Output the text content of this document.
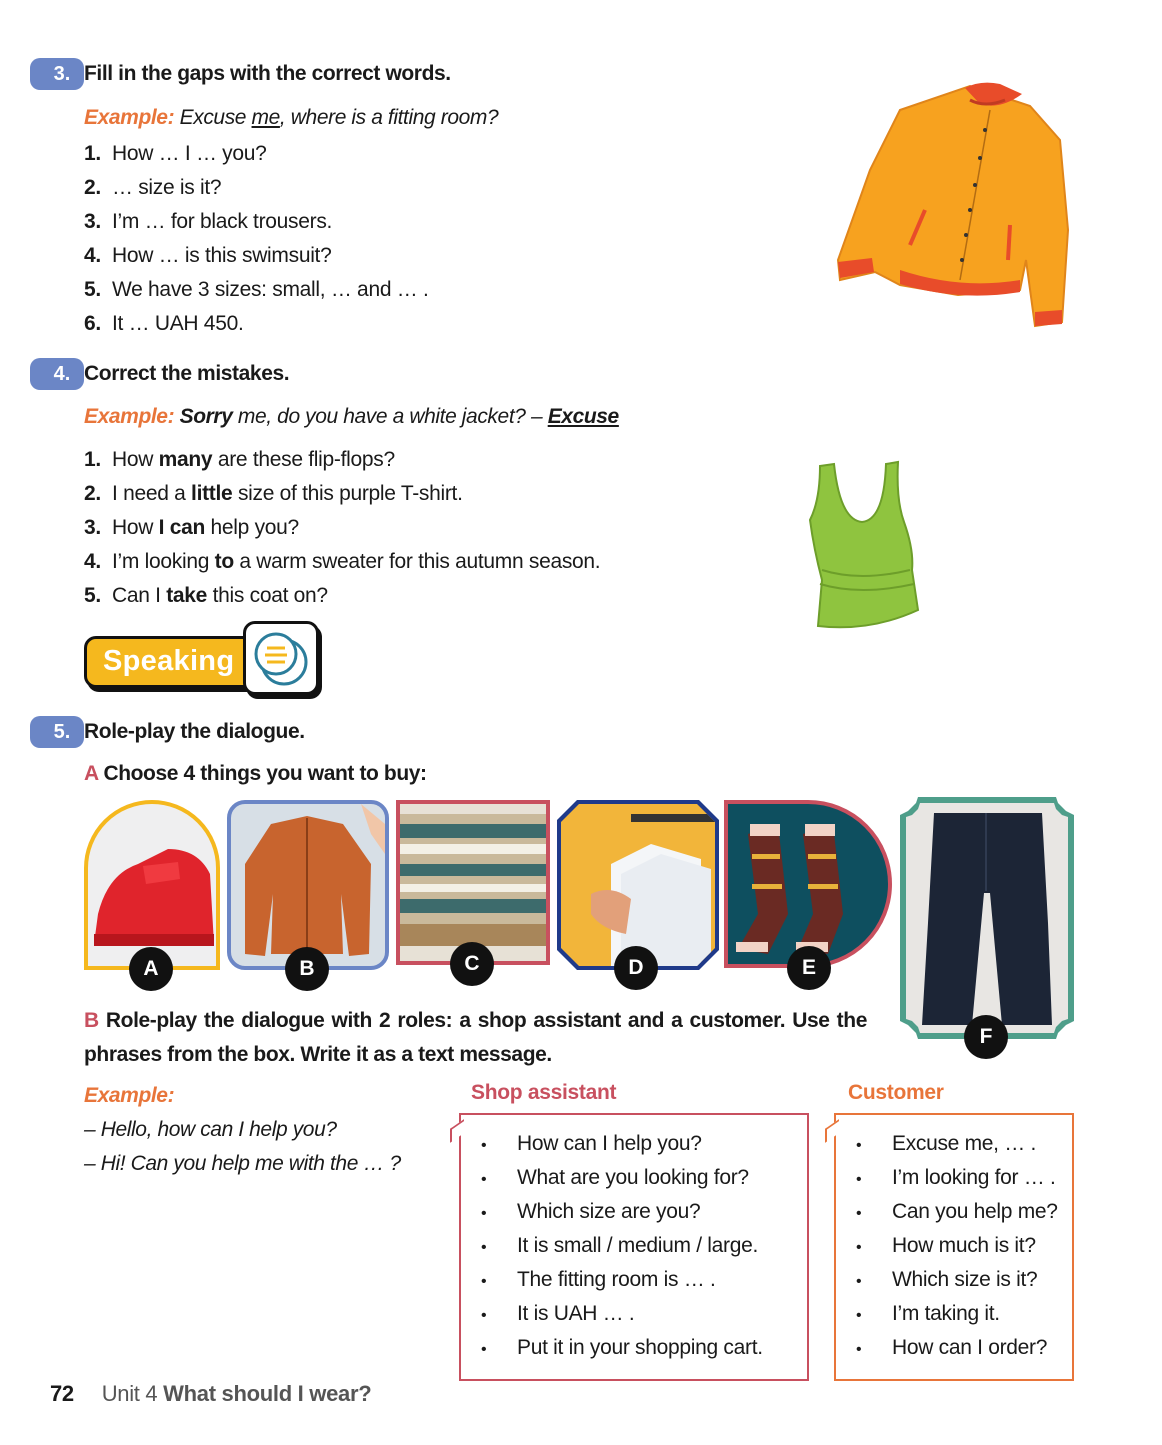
3. Fill in the gaps with the correct words.
Example: Excuse me, where is a fitting room?
1. How … I … you?
2. … size is it?
3. I’m … for black trousers.
4. How … is this swimsuit?
5. We have 3 sizes: small, … and … .
6. It … UAH 450.
4. Correct the mistakes.
Example: Sorry me, do you have a white jacket? – Excuse
1. How many are these flip-flops?
2. I need a little size of this purple T-shirt.
3. How I can help you?
4. I’m looking to a warm sweater for this autumn season.
5. Can I take this coat on?
Speaking
5. Role-play the dialogue.
A Choose 4 things you want to buy:
A	B	C	D	E
F
B Role-play the dialogue with 2 roles: a shop assistant and a customer. Use the phrases from the box. Write it as a text message.
Example:
– Hello, how can I help you?
– Hi! Can you help me with the … ?
Shop assistant
• How can I help you?
• What are you looking for?
• Which size are you?
• It is small / medium / large.
• The fitting room is … .
• It is UAH … .
• Put it in your shopping cart.
Customer
• Excuse me, … .
• I’m looking for … .
• Can you help me?
• How much is it?
• Which size is it?
• I’m taking it.
• How can I order?
72 Unit 4 What should I wear?
